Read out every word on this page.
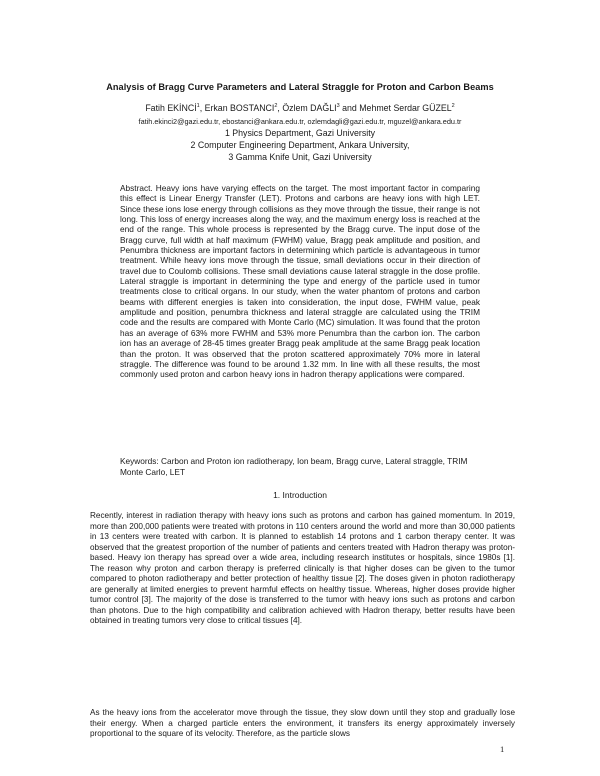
Analysis of Bragg Curve Parameters and Lateral Straggle for Proton and Carbon Beams
Fatih EKİNCİ$^1$, Erkan BOSTANCI$^2$, Özlem DAĞLI$^3$ and Mehmet Serdar GÜZEL$^2$
fatih.ekinci2@gazi.edu.tr, ebostanci@ankara.edu.tr, ozlemdagli@gazi.edu.tr, mguzel@ankara.edu.tr
1 Physics Department, Gazi University
2 Computer Engineering Department, Ankara University,
3 Gamma Knife Unit, Gazi University

Abstract. Heavy ions have varying effects on the target. The most important factor in comparing this effect is Linear Energy Transfer (LET). Protons and carbons are heavy ions with high LET. Since these ions lose energy through collisions as they move through the tissue, their range is not long. This loss of energy increases along the way, and the maximum energy loss is reached at the end of the range. This whole process is represented by the Bragg curve. The input dose of the Bragg curve, full width at half maximum (FWHM) value, Bragg peak amplitude and position, and Penumbra thickness are important factors in determining which particle is advantageous in tumor treatment. While heavy ions move through the tissue, small deviations occur in their direction of travel due to Coulomb collisions. These small deviations cause lateral straggle in the dose profile. Lateral straggle is important in determining the type and energy of the particle used in tumor treatments close to critical organs. In our study, when the water phantom of protons and carbon beams with different energies is taken into consideration, the input dose, FWHM value, peak amplitude and position, penumbra thickness and lateral straggle are calculated using the TRIM code and the results are compared with Monte Carlo (MC) simulation. It was found that the proton has an average of 63% more FWHM and 53% more Penumbra than the carbon ion. The carbon ion has an average of 28-45 times greater Bragg peak amplitude at the same Bragg peak location than the proton. It was observed that the proton scattered approximately 70% more in lateral straggle. The difference was found to be around 1.32 mm. In line with all these results, the most commonly used proton and carbon heavy ions in hadron therapy applications were compared.

Keywords: Carbon and Proton ion radiotherapy, Ion beam, Bragg curve, Lateral straggle, TRIM Monte Carlo, LET

1. Introduction

Recently, interest in radiation therapy with heavy ions such as protons and carbon has gained momentum. In 2019, more than 200,000 patients were treated with protons in 110 centers around the world and more than 30,000 patients in 13 centers were treated with carbon. It is planned to establish 14 protons and 1 carbon therapy center. It was observed that the greatest proportion of the number of patients and centers treated with Hadron therapy was proton-based. Heavy ion therapy has spread over a wide area, including research institutes or hospitals, since 1980s [1]. The reason why proton and carbon therapy is preferred clinically is that higher doses can be given to the tumor compared to photon radiotherapy and better protection of healthy tissue [2]. The doses given in photon radiotherapy are generally at limited energies to prevent harmful effects on healthy tissue. Whereas, higher doses provide higher tumor control [3]. The majority of the dose is transferred to the tumor with heavy ions such as protons and carbon than photons. Due to the high compatibility and calibration achieved with Hadron therapy, better results have been obtained in treating tumors very close to critical tissues [4].

As the heavy ions from the accelerator move through the tissue, they slow down until they stop and gradually lose their energy. When a charged particle enters the environment, it transfers its energy approximately inversely proportional to the square of its velocity. Therefore, as the particle slows

1
